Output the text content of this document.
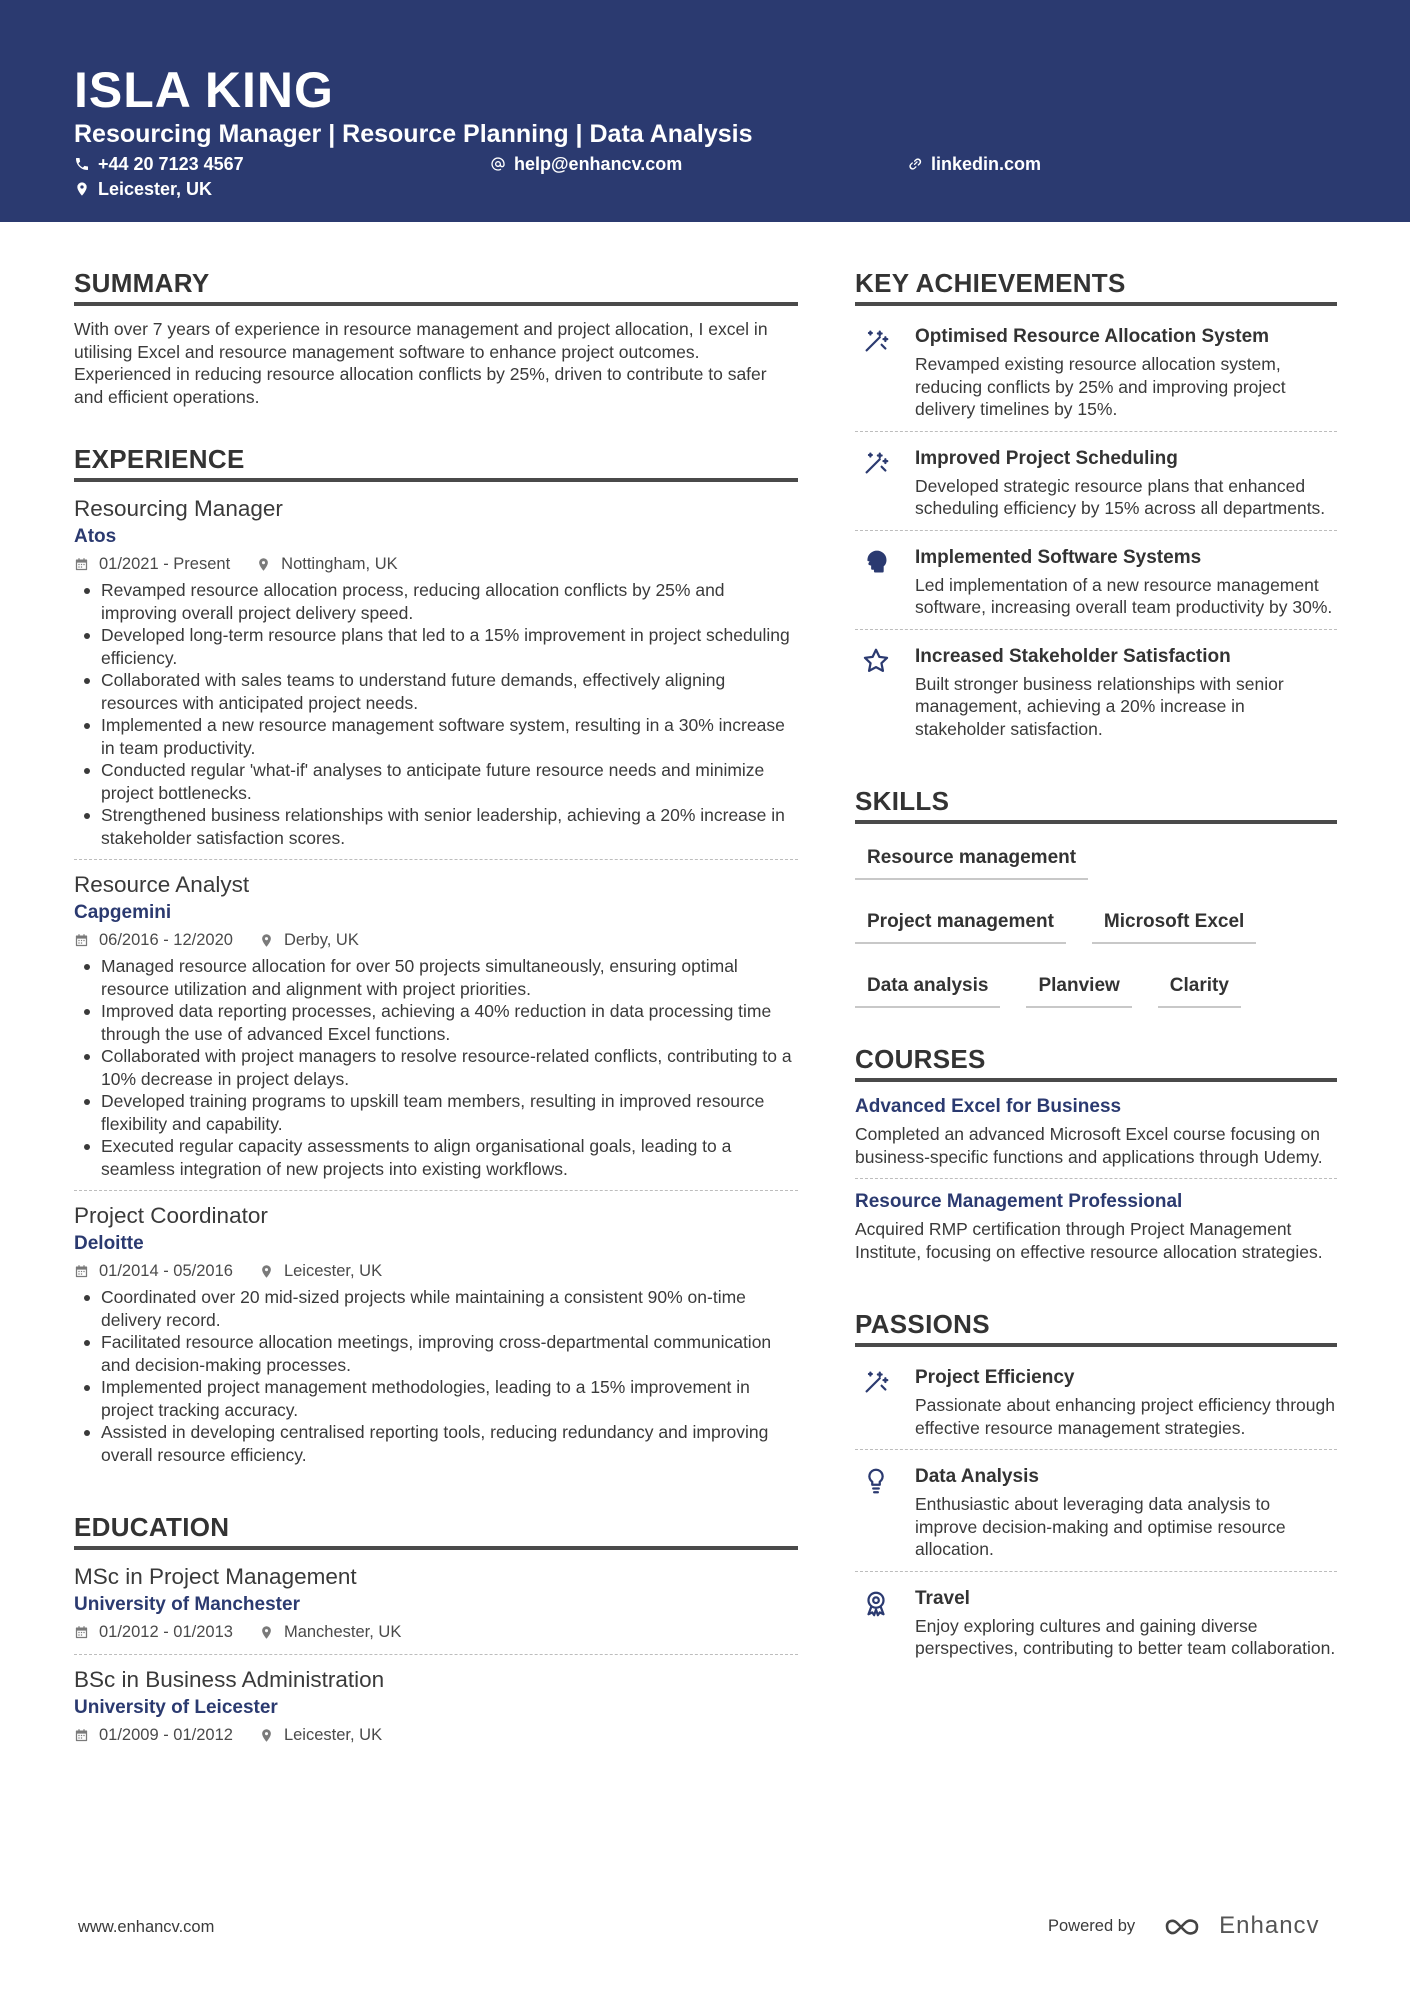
ISLA KING
Resourcing Manager | Resource Planning | Data Analysis
+44 20 7123 4567	help@enhancv.com	linkedin.com
Leicester, UK
SUMMARY
With over 7 years of experience in resource management and project allocation, I excel in utilising Excel and resource management software to enhance project outcomes. Experienced in reducing resource allocation conflicts by 25%, driven to contribute to safer and efficient operations.
EXPERIENCE
Resourcing Manager
Atos
01/2021 - Present	Nottingham, UK
Revamped resource allocation process, reducing allocation conflicts by 25% and improving overall project delivery speed.
Developed long-term resource plans that led to a 15% improvement in project scheduling efficiency.
Collaborated with sales teams to understand future demands, effectively aligning resources with anticipated project needs.
Implemented a new resource management software system, resulting in a 30% increase in team productivity.
Conducted regular 'what-if' analyses to anticipate future resource needs and minimize project bottlenecks.
Strengthened business relationships with senior leadership, achieving a 20% increase in stakeholder satisfaction scores.
Resource Analyst
Capgemini
06/2016 - 12/2020	Derby, UK
Managed resource allocation for over 50 projects simultaneously, ensuring optimal resource utilization and alignment with project priorities.
Improved data reporting processes, achieving a 40% reduction in data processing time through the use of advanced Excel functions.
Collaborated with project managers to resolve resource-related conflicts, contributing to a 10% decrease in project delays.
Developed training programs to upskill team members, resulting in improved resource flexibility and capability.
Executed regular capacity assessments to align organisational goals, leading to a seamless integration of new projects into existing workflows.
Project Coordinator
Deloitte
01/2014 - 05/2016	Leicester, UK
Coordinated over 20 mid-sized projects while maintaining a consistent 90% on-time delivery record.
Facilitated resource allocation meetings, improving cross-departmental communication and decision-making processes.
Implemented project management methodologies, leading to a 15% improvement in project tracking accuracy.
Assisted in developing centralised reporting tools, reducing redundancy and improving overall resource efficiency.
EDUCATION
MSc in Project Management
University of Manchester
01/2012 - 01/2013	Manchester, UK
BSc in Business Administration
University of Leicester
01/2009 - 01/2012	Leicester, UK
KEY ACHIEVEMENTS
Optimised Resource Allocation System
Revamped existing resource allocation system, reducing conflicts by 25% and improving project delivery timelines by 15%.
Improved Project Scheduling
Developed strategic resource plans that enhanced scheduling efficiency by 15% across all departments.
Implemented Software Systems
Led implementation of a new resource management software, increasing overall team productivity by 30%.
Increased Stakeholder Satisfaction
Built stronger business relationships with senior management, achieving a 20% increase in stakeholder satisfaction.
SKILLS
Resource management
Project management	Microsoft Excel
Data analysis	Planview	Clarity
COURSES
Advanced Excel for Business
Completed an advanced Microsoft Excel course focusing on business-specific functions and applications through Udemy.
Resource Management Professional
Acquired RMP certification through Project Management Institute, focusing on effective resource allocation strategies.
PASSIONS
Project Efficiency
Passionate about enhancing project efficiency through effective resource management strategies.
Data Analysis
Enthusiastic about leveraging data analysis to improve decision-making and optimise resource allocation.
Travel
Enjoy exploring cultures and gaining diverse perspectives, contributing to better team collaboration.
www.enhancv.com	Powered by	Enhancv
